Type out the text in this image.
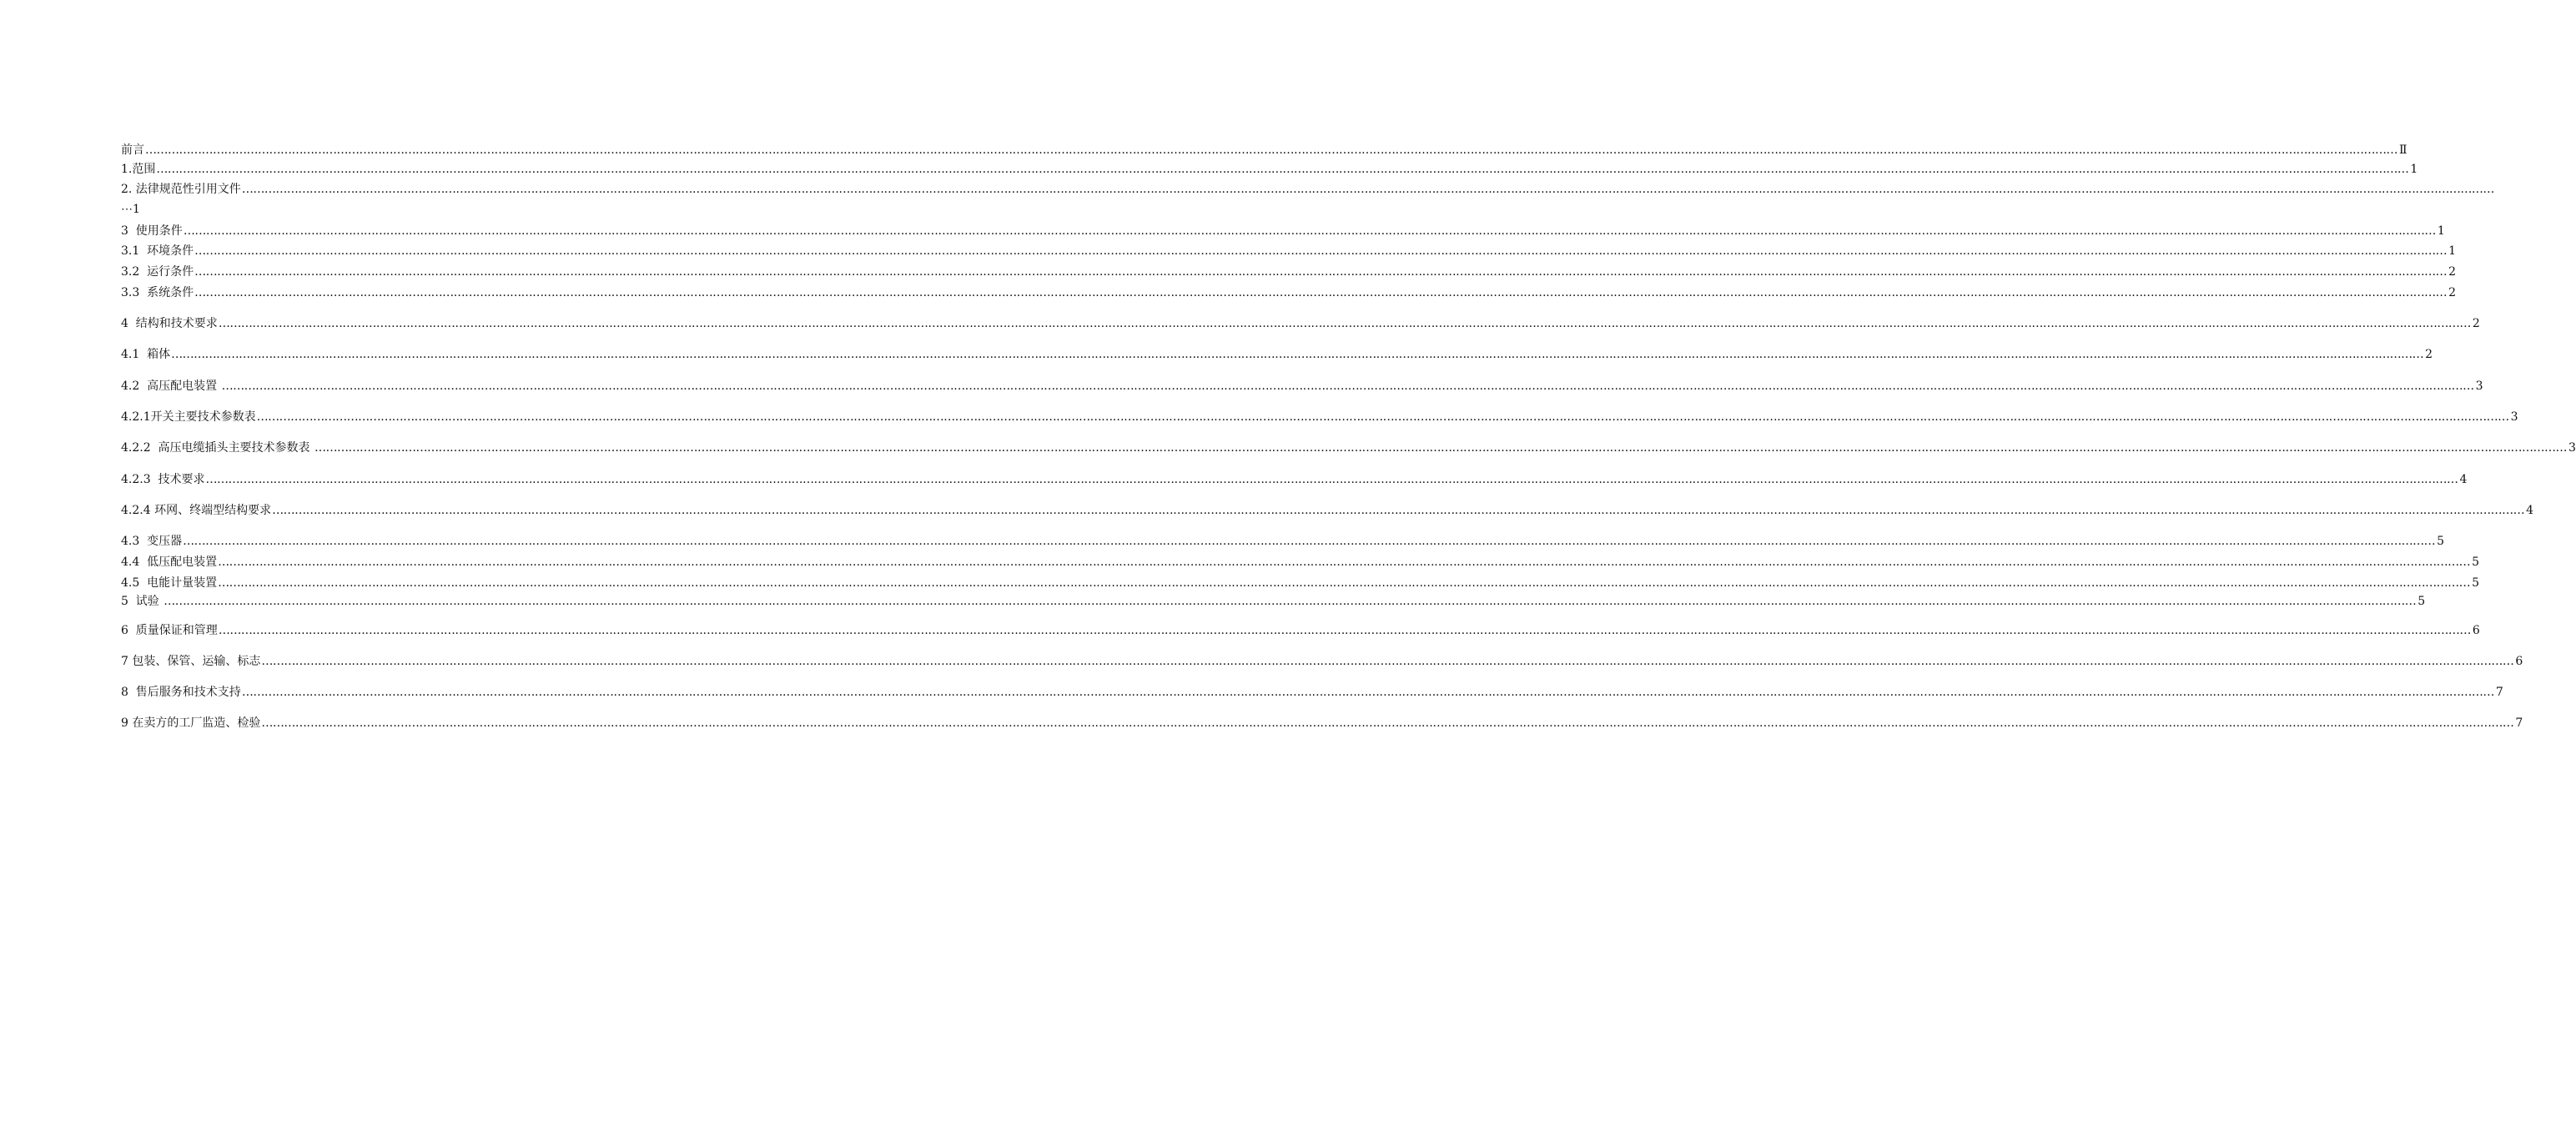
前言 …………………………………………………………………………………………………………………………………………………………………………………………………………………………………………………………………………………………………………………………………………………………………………………………………………………………………………………………………………………………………………………………………………………… Ⅱ
1.范围 …………………………………………………………………………………………………………………………………………………………………………………………………………………………………………………………………………………………………………………………………………………………………………………………………………………………………………………………………………………………………………………………………………………… 1
2. 法律规范性引用文件 ……………………………………………………………………………………………………………………………………………………………………………………………………………………………………………………………………………………………………………………………………………………………………………………………………………………………………………………………………………………………………………………………………………………
⋯1
3  使用条件 …………………………………………………………………………………………………………………………………………………………………………………………………………………………………………………………………………………………………………………………………………………………………………………………………………………………………………………………………………………………………………………………………………………… 1
3.1  环境条件 …………………………………………………………………………………………………………………………………………………………………………………………………………………………………………………………………………………………………………………………………………………………………………………………………………………………………………………………………………………………………………………………………………………… 1
3.2  运行条件 …………………………………………………………………………………………………………………………………………………………………………………………………………………………………………………………………………………………………………………………………………………………………………………………………………………………………………………………………………………………………………………………………………………… 2
3.3  系统条件 …………………………………………………………………………………………………………………………………………………………………………………………………………………………………………………………………………………………………………………………………………………………………………………………………………………………………………………………………………………………………………………………………………………… 2
4  结构和技术要求 …………………………………………………………………………………………………………………………………………………………………………………………………………………………………………………………………………………………………………………………………………………………………………………………………………………………………………………………………………………………………………………………………………………… 2
4.1  箱体 …………………………………………………………………………………………………………………………………………………………………………………………………………………………………………………………………………………………………………………………………………………………………………………………………………………………………………………………………………………………………………………………………………………… 2
4.2  高压配电装置 …………………………………………………………………………………………………………………………………………………………………………………………………………………………………………………………………………………………………………………………………………………………………………………………………………………………………………………………………………………………………………………………………………………… 3
4.2.1开关主要技术参数表 …………………………………………………………………………………………………………………………………………………………………………………………………………………………………………………………………………………………………………………………………………………………………………………………………………………………………………………………………………………………………………………………………………………… 3
4.2.2  高压电缆插头主要技术参数表 …………………………………………………………………………………………………………………………………………………………………………………………………………………………………………………………………………………………………………………………………………………………………………………………………………………………………………………………………………………………………………………………………………………… 3
4.2.3  技术要求 …………………………………………………………………………………………………………………………………………………………………………………………………………………………………………………………………………………………………………………………………………………………………………………………………………………………………………………………………………………………………………………………………………………… 4
4.2.4 环网、终端型结构要求 …………………………………………………………………………………………………………………………………………………………………………………………………………………………………………………………………………………………………………………………………………………………………………………………………………………………………………………………………………………………………………………………………………………… 4
4.3  变压器 …………………………………………………………………………………………………………………………………………………………………………………………………………………………………………………………………………………………………………………………………………………………………………………………………………………………………………………………………………………………………………………………………………………… 5
4.4  低压配电装置 …………………………………………………………………………………………………………………………………………………………………………………………………………………………………………………………………………………………………………………………………………………………………………………………………………………………………………………………………………………………………………………………………………………… 5
4.5  电能计量装置 …………………………………………………………………………………………………………………………………………………………………………………………………………………………………………………………………………………………………………………………………………………………………………………………………………………………………………………………………………………………………………………………………………………… 5
5  试验 …………………………………………………………………………………………………………………………………………………………………………………………………………………………………………………………………………………………………………………………………………………………………………………………………………………………………………………………………………………………………………………………………………………… 5
6  质量保证和管理 …………………………………………………………………………………………………………………………………………………………………………………………………………………………………………………………………………………………………………………………………………………………………………………………………………………………………………………………………………………………………………………………………………………… 6
7 包装、保管、运输、标志 …………………………………………………………………………………………………………………………………………………………………………………………………………………………………………………………………………………………………………………………………………………………………………………………………………………………………………………………………………………………………………………………………………………… 6
8  售后服务和技术支持 …………………………………………………………………………………………………………………………………………………………………………………………………………………………………………………………………………………………………………………………………………………………………………………………………………………………………………………………………………………………………………………………………………………… 7
9 在卖方的工厂监造、检验 …………………………………………………………………………………………………………………………………………………………………………………………………………………………………………………………………………………………………………………………………………………………………………………………………………………………………………………………………………………………………………………………………………………… 7
